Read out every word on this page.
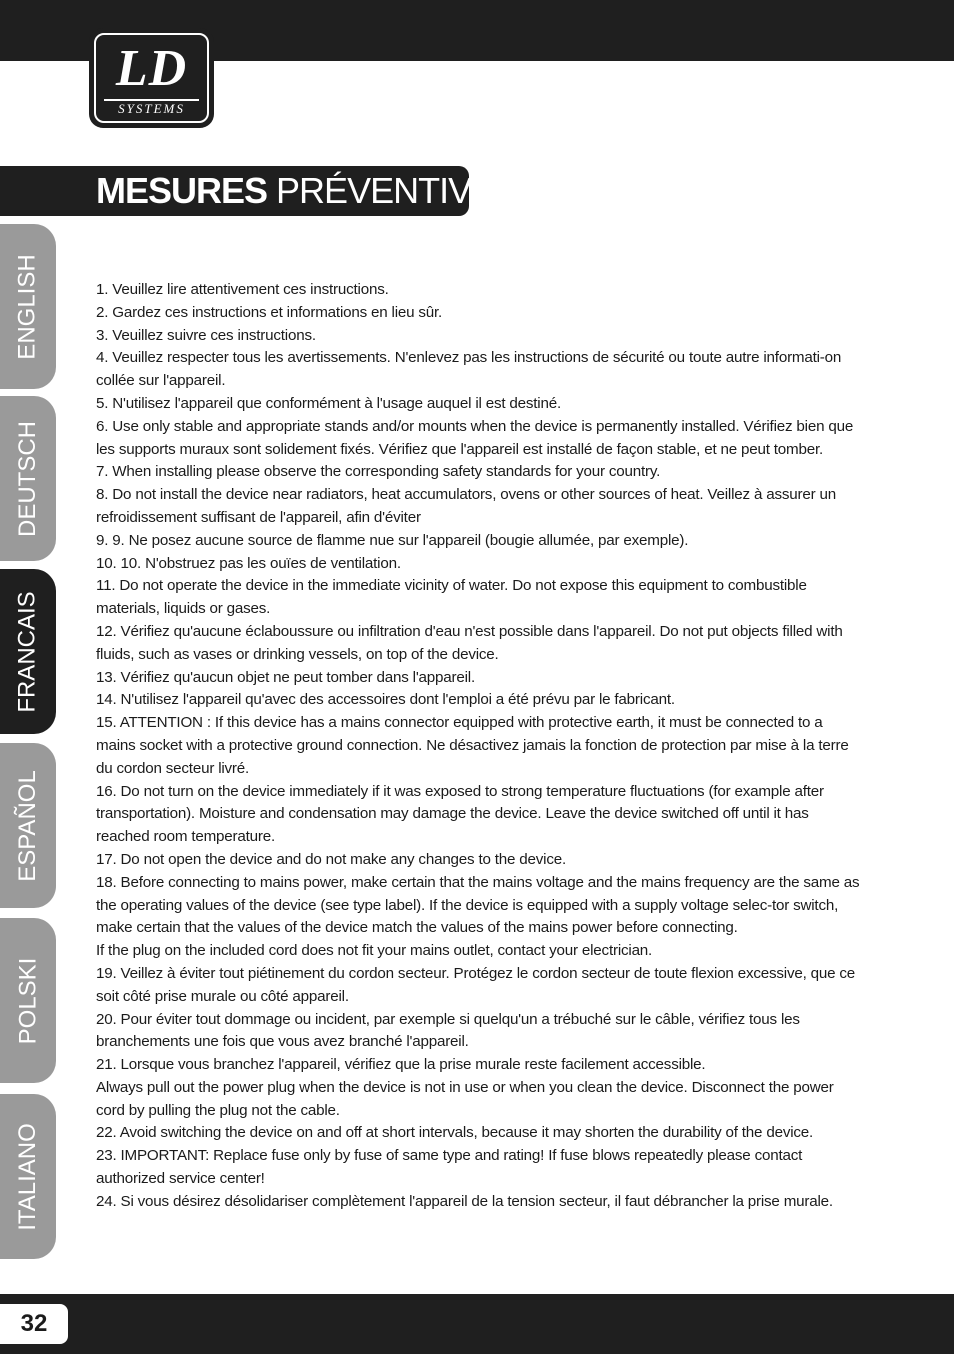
LD
SYSTEMS
MESURES PRÉVENTIVES :
ENGLISH
DEUTSCH
FRANCAIS
ESPAÑOL
POLSKI
ITALIANO

1. Veuillez lire attentivement ces instructions.

2. Gardez ces instructions et informations en lieu sûr.

3. Veuillez suivre ces instructions.

4. Veuillez respecter tous les avertissements. N'enlevez pas les instructions de sécurité ou toute autre informati-on collée sur l'appareil.

5. N'utilisez l'appareil que conformément à l'usage auquel il est destiné.

6. Use only stable and appropriate stands and/or mounts when the device is permanently installed. Vérifiez bien que les supports muraux sont solidement fixés. Vérifiez que l'appareil est installé de façon stable, et ne peut tomber.

7. When installing please observe the corresponding safety standards for your country.

8. Do not install the device near radiators, heat accumulators, ovens or other sources of heat. Veillez à assurer un refroidissement suffisant de l'appareil, afin d'éviter

9. 9. Ne posez aucune source de flamme nue sur l'appareil (bougie allumée, par exemple).

10. 10. N'obstruez pas les ouïes de ventilation.

11. Do not operate the device in the immediate vicinity of water. Do not expose this equipment to combustible materials, liquids or gases.

12. Vérifiez qu'aucune éclaboussure ou infiltration d'eau n'est possible dans l'appareil. Do not put objects filled with fluids, such as vases or drinking vessels, on top of the device.

13. Vérifiez qu'aucun objet ne peut tomber dans l'appareil.

14. N'utilisez l'appareil qu'avec des accessoires dont l'emploi a été prévu par le fabricant.

15. ATTENTION : If this device has a mains connector equipped with protective earth, it must be connected to a mains socket with a protective ground connection. Ne désactivez jamais la fonction de protection par mise à la terre du cordon secteur livré.

16. Do not turn on the device immediately if it was exposed to strong temperature fluctuations (for example after transportation). Moisture and condensation may damage the device. Leave the device switched off until it has reached room temperature.

17. Do not open the device and do not make any changes to the device.

18. Before connecting to mains power, make certain that the mains voltage and the mains frequency are the same as the operating values of the device (see type label). If the device is equipped with a supply voltage selec-tor switch, make certain that the values of the device match the values of the mains power before connecting.

If the plug on the included cord does not fit your mains outlet, contact your electrician.

19. Veillez à éviter tout piétinement du cordon secteur. Protégez le cordon secteur de toute flexion excessive, que ce soit côté prise murale ou côté appareil.

20. Pour éviter tout dommage ou incident, par exemple si quelqu'un a trébuché sur le câble, vérifiez tous les branchements une fois que vous avez branché l'appareil.

21. Lorsque vous branchez l'appareil, vérifiez que la prise murale reste facilement accessible.

Always pull out the power plug when the device is not in use or when you clean the device. Disconnect the power cord by pulling the plug not the cable.

22. Avoid switching the device on and off at short intervals, because it may shorten the durability of the device.

23. IMPORTANT: Replace fuse only by fuse of same type and rating! If fuse blows repeatedly please contact authorized service center!

24. Si vous désirez désolidariser complètement l'appareil de la tension secteur, il faut débrancher la prise murale.

32
